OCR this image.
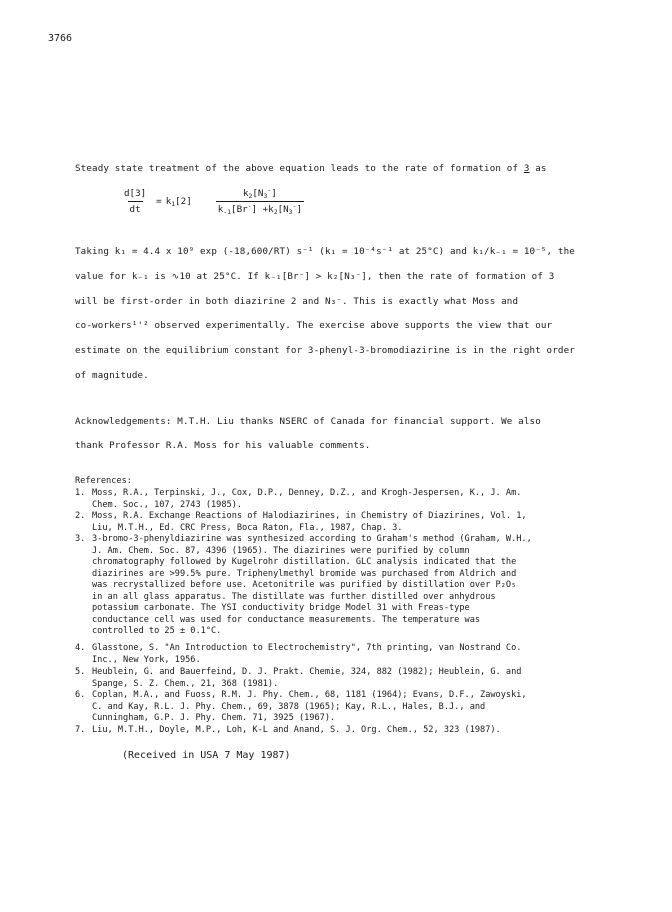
3766
Steady state treatment of the above equation leads to the rate of formation of 3 as
$\frac{d[3]}{dt} = k_1[2]$	$\frac{k_2[N_3^-]}{k_{-1}[Br^-] +k_2[N_3^-]}$
Taking k₁ = 4.4 x 10⁹ exp (-18,600/RT) s⁻¹ (k₁ = 10⁻⁴s⁻¹ at 25°C) and k₁/k₋₁ = 10⁻⁵, the
value for k₋₁ is ∿10 at 25°C. If k₋₁[Br⁻] > k₂[N₃⁻], then the rate of formation of 3
will be first-order in both diazirine 2 and N₃⁻. This is exactly what Moss and
co-workers¹'² observed experimentally. The exercise above supports the view that our
estimate on the equilibrium constant for 3-phenyl-3-bromodiazirine is in the right order
of magnitude.
Acknowledgements: M.T.H. Liu thanks NSERC of Canada for financial support. We also
thank Professor R.A. Moss for his valuable comments.
References:
1. Moss, R.A., Terpinski, J., Cox, D.P., Denney, D.Z., and Krogh-Jespersen, K., J. Am.
Chem. Soc., 107, 2743 (1985).
2. Moss, R.A. Exchange Reactions of Halodiazirines, in Chemistry of Diazirines, Vol. 1,
Liu, M.T.H., Ed. CRC Press, Boca Raton, Fla., 1987, Chap. 3.
3. 3-bromo-3-phenyldiazirine was synthesized according to Graham's method (Graham, W.H.,
J. Am. Chem. Soc. 87, 4396 (1965). The diazirines were purified by column
chromatography followed by Kugelrohr distillation. GLC analysis indicated that the
diazirines are >99.5% pure. Triphenylmethyl bromide was purchased from Aldrich and
was recrystallized before use. Acetonitrile was purified by distillation over P₂O₅
in an all glass apparatus. The distillate was further distilled over anhydrous
potassium carbonate. The YSI conductivity bridge Model 31 with Freas-type
conductance cell was used for conductance measurements. The temperature was
controlled to 25 ± 0.1°C.
4. Glasstone, S. "An Introduction to Electrochemistry", 7th printing, van Nostrand Co.
Inc., New York, 1956.
5. Heublein, G. and Bauerfeind, D. J. Prakt. Chemie, 324, 882 (1982); Heublein, G. and
Spange, S. Z. Chem., 21, 368 (1981).
6. Coplan, M.A., and Fuoss, R.M. J. Phy. Chem., 68, 1181 (1964); Evans, D.F., Zawoyski,
C. and Kay, R.L. J. Phy. Chem., 69, 3878 (1965); Kay, R.L., Hales, B.J., and
Cunningham, G.P. J. Phy. Chem. 71, 3925 (1967).
7. Liu, M.T.H., Doyle, M.P., Loh, K-L and Anand, S. J. Org. Chem., 52, 323 (1987).
(Received in USA 7 May 1987)
